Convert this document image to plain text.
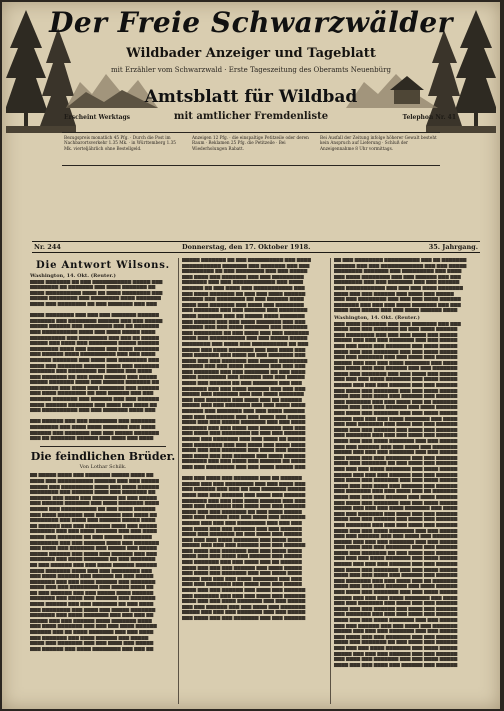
Der Freie Schwarzwälder
Wildbader Anzeiger und Tageblatt
mit Erzähler vom Schwarzwald · Erste Tageszeitung des Oberamts Neuenbürg
Amtsblatt für Wildbad
Erscheint Werktags	mit amtlicher Fremdenliste	Telephon Nr. 41
Bezugspreis monatlich 45 Pfg. · Durch die Post im Nachbarortsverkehr 1.35 Mk. · in Württemberg 1.35 Mk. vierteljährlich ohne Bestellgeld.
Anzeigen 12 Pfg. · die einspaltige Petitzeile oder deren Raum · Reklamen 25 Pfg. die Petitzeile · Bei Wiederholungen Rabatt.
Bei Ausfall der Zeitung infolge höherer Gewalt besteht kein Anspruch auf Lieferung · Schluß der Anzeigennahme 8 Uhr vormittags.
Nr. 244	Donnerstag, den 17. Oktober 1918.	35. Jahrgang.
Die Antwort Wilsons.
Washington, 14. Okt. (Reuter.)
████ ███████ ██ ███ ███████████ █████ ███
████████ ██ ███████ ███ ████ ███████ ██
████ ██████████ ████ ██ ████ ████████ ███
█████ ████████ ███ ████████ ████ ███████
████ ███ ████████ ██ ███ ███████ ███ ███

████ ████████ ███ ███ ███ ███████ ██████
███████ ███ ████████ ██████ ███ ███ █████
█████ ██████ ███ ████████ ███ ██ ███████
███ ██████████ ████ ███ ████ █████ ████
██████████ ███ ████████ ███ ███ ██ █████
█████ ███ ████ ███ ████████ █████ ██████
████████ ████ ███ █████ ███ ████ ███████
███ ██████ ████ ██████████ ███ ███ ████
██████ ███████ ███ ████ ███ ████████ ███
████ ███ ███████ ██████ ████ ███ ███████
███████ ███ ████████ ██ █████ ███ ████
███ ███████ ██ ███ ████ ██████ ███ █████
█████ ███████ ████ ███ ██████ ███████ ██
████████ ███ ████ ███ ███████ ███ ██████
███ ████ ████████ ██ ███ ██████ ███ ███
██████ ███████ ███ ██████ ███ ███ ██████
████ ██████ ███████ ███ ████ ███ ████ ██
███ ██████████ ███ ███ ███████ ████ ███

███ ██████ ███ ███ ████████ ███ ███████
████████ ███ ████ ████ ███████ ███ ████
██████ ███ ███████ ███ ███ █████ ███████
███ ██ ███████ ██████ ███ ████ ███ ████
Die feindlichen Brüder.
Von Lothar Schilk.
██ █████ ████ ███ ███████ █████ ████ ██
████ ███ ██████████ ██████ ███ ███ █████
█████ ███ █████████ ████ ███ ████ ██████
████████ ███ ██████ ████ ███ ███████ ██
██████ ███ ████ ███ ███████ ██ ███ █████
███ ██████ ███████ ███ ████ ███████ ████
█████ ███ ██████████ ██ ███ ████ ██████
███ ████ ███████ ███ ███████ ███ ████ ██
████████ ███ ████ ███ ██████ █████ ████
██ ██████ ███ ███ ███████ ████ ███ █████
███████ ███ ███ ████ ██████ ███ ███ ████
████ ███ ███████ ██ ███ █████ ████████
████████ ███ ███ ██████ ████ ███ ███████
███ ████ ███ ███████ ███ █████ ███ █████
█████ ██████ ███ ████ ███ ██████ ███ ███
███████ ███ ████ ███████ ██ ███ ███████
██ ███ ██████ ███ ███ ████ ██████ ██████
████ ███████ ████ ███ ███ ████████ ███
███ ████ ██████ ███ ██████ ██ ███ █████
███████ ███ ███ ████ ██████ ███ ███████
████ ███ ███ ████████ ███ █████ ████ ██
██ ███ ██████ ███ ███ █████ ████ ██████
███████ ███ ████ ███ ██████ ███ ███████
████ ██████ ███ ███ ███████ ██ ███ ████
███ ████████ ███ ████ ███ █████ ███████
███████ ███ ████ ███████ ███ ███ ███ ██
█████ ███ ███ ██████ ████ ███████ ████
███ ████ ███████ ███ ███ ███ ████ ██████
██████ ███ ██ ████ ███████ ███ ███ ████
███ ███████ ███ ████ ██████ ███ █████
████ ███ ███████ ███ ███ ████ ███ █████
███ ██████ ███ ████ ████████ ███ ███ ██
█████ ███████ ██ ███ ██████████ ███ ████
███████████ ███████ ███ ███████ ███ ███
█████████ ██ ███ ████████ ███ ███ █████
███ ████ ███ ███████ ███ ███ █████████
███████ ███ ███ ████████████ ███ ████
██████ ██ ███ ████ ███ ███████████ ███
███ ████ ███████ ██ ███ ███ ████ ██████
██████ ███ ████████ ██ ███ ██████ ████
████ ███ ███████ ███ ████ ███ ████████
███ ███████ ███ ███ ██████ ███ ████████
████ ███████ ███ ██ █████ ████ ███████
███ ██████ ███ ███ ████ ███████ ███ ███
██████ ███ ███ ████ ███████ ███ ███████
███ ████████ ██ ███ ████ ███ ███ ███████
████ ███ ██████████ ███ ███ █████ █████
████████ ███ ████ ███ ██████████ ██ ███
█████ ███ ████ ███████ ███ ███ ████ ███
███ ███████ ███ ████ ██ ███ ███████ ███
████ ███ ███ ███████ ███ █████ ████████
██████ ███ ███ ████ ███████ ███ ███ ███
███ ███████ ███ ███ ███████ ██ ███ ████
████ ████████ ███ ██████ ███ ███ █████
████ ███ ██████ ██ ███ ███████ ███ ███
███████ ███ ███ ████ ██████ ███ ███ ███
█████ ███ ███████ ███ ███ ████ ███████
███ ███ ███████ ███ ████ ███ ██ ██████
█████ ███ ███ ███████ ███ ███ ████ ████
██████ ███ ███████ ███ ███ ████ ██████
███ ███ ████████ ███ ███ ████ ███ █████
████ ███ ███ █████ ███████ ███ ███ ████
███████ ███ ███ ████ ███ ██████ ███ ███
███ ████ ███ ████████ ██ ███ ███ ██████
█████ ███ ███████ ███ ███ ████ ██ █████
███ ████████ ███ ███ ████ ███ ████ ████
████ ███ ███ ███████ ███ ████ ███ █████
███ ████ ███ ███ ██████ ███ ████ ██████
███████ ███ ███ ████ ███ ██████ ██ ████
███ ███ ████████ ███ ███ ████ █████ ███

███ ███ ████ ███ ███████ ███ ██ ██████
█████ ███ ███ ████████ ███ ███ ████ ███
███ ██████ ███ ███ ██ ███ ███████ █████
████ ███ ███ ██████ ███ ████ ███ ██████
███████ ███ ███ ███ ████ ██████ ███ ███
███ ███ ███████ ███ ████ ███ ███ ██████
████ ███ ███ ███████ ██ ███ ████ █████
███ ███ ██████ ███ ███ ████ ███ ███████
█████ ███ ███ ███ ████████ ███ ███ ███
███ ████ ███ ███ ██████ ███ ███ ██████
████ ███ ███████ ██ ███ ████ ███ █████
███ ███ ███ ████ ███████ ███ ████ ████
█████ ███ ███ ███ ██████ ███ ███ ██████
███ ████ ███ ███████ ███ ███ ████ ████
████ ███ ███ ████ ███ ██████ ███ █████
███ ███████ ███ ███ ████ ███ ██ ██████
████ ███ ███ ███ ██████ ███ ████ █████
███ ████ ███ ███████ ███ ███ ████ ████
█████ ███ ███ ███ ████ ███████ ███ ███
███ ███ ███████ ███ ████ ███ ███ █████
████ ███ ███ ██████ ███ ████ ███ ██████
███ ███████ ███ ███ ███ ████ ███ ██████
████ ███ ███ ████ ███████ ███ ███ █████
███ ███ ██████ ███ ███ ████ ███ ███████
█████ ███ ███ ███ ███████ ███ ███ █████
███ ████ ███ ███ ███████ ███ ███ ██████
██ ███ ████████ ██████████ ███ ██ ███████
██████ ███ ███ ████████████ ███ ███ █████
████████ ███████ ███ █████████ ███ ████
███ ████ ████████ ███ ███ ██████ ███ ███
████████ ███ ███ ███████ ███ ███ ██████
███ ███████████ ███ ███ ███ ████ ███████
████ ███ ███ ██████ ███ ████ ███ █████
███ ███ ████████ ███ ███ ███ ████ ██████
███████ ███ ███ ███ ████ ███████ ███ ███
████ ███ █████ ███ ███ ████ ██████ ████
Washington, 14. Okt. (Reuter.)
███ ████ ███████ ███ ███ ███████ ███ ███
████ ███ ███ ███████ ██ ███ ████ ██████
███ ████████ ███ ███ ███ ████ ███ █████
█████ ███ ███ ███ ███████ ███ ███ █████
███ ███ ████ ███ ███████ ███ ████ █████
████ ███ ███ ███████ ███ ███ ████ █████
███ ███ ███████ ███ ███ ████ ███ ██████
█████ ███ ███ ███ ████ ███████ ███ ████
███ ████ ███ ███ ██████ ███ ███ ███████
████ ███ ███████ ███ ███ ████ ███ █████
███ ███ ███ ████ ███████ ███ ████ █████
█████ ███ ███ ███ ██████ ███ ███ ██████
███ ████ ███ ███████ ███ ███ ████ █████
████ ███ ███ ████ ███ ██████ ███ ██████
███ ███████ ███ ███ ████ ███ ██ ███████
████ ███ ███ ███ ██████ ███ ████ ██████
███ ████ ███ ███████ ███ ███ ████ █████
█████ ███ ███ ███ ████ ███████ ███ ████
███ ███ ███████ ███ ████ ███ ███ ██████
████ ███ ███ ██████ ███ ████ ███ ██████
███ ███████ ███ ███ ███ ████ ███ ██████
████ ███ ███ ████ ███████ ███ ███ █████
███ ███ ██████ ███ ███ ████ ███ ███████
█████ ███ ███ ███ ███████ ███ ███ █████
███ ████ ███ ███ ███████ ███ ███ ██████
████ ███ ███████ ██ ███ ████ ███ ██████
███ ███ ███ ████ ███████ ███ ████ █████
█████ ███ ███ ███ ██████ ███ ███ ██████
███ ████ ███ ███████ ███ ███ ████ █████
████ ███ ███ ████ ███ ██████ ███ ██████
███ ███████ ███ ███ ████ ███ ██ ███████
████ ███ ███ ███ ██████ ███ ████ ██████
███ ████ ███ ███████ ███ ███ ████ █████
█████ ███ ███ ███ ████ ███████ ███ ████
███ ███ ███████ ███ ████ ███ ███ ██████
████ ███ ███ ██████ ███ ████ ███ ██████
███ ███████ ███ ███ ███ ████ ███ ██████
████ ███ ███ ████ ███████ ███ ███ █████
███ ███ ██████ ███ ███ ████ ███ ███████
█████ ███ ███ ███ ███████ ███ ███ █████
███ ████ ███ ███ ███████ ███ ███ ██████
████ ███ ███████ ██ ███ ████ ███ ██████
███ ███ ███ ████ ███████ ███ ████ █████
█████ ███ ███ ███ ██████ ███ ███ ██████
███ ████ ███ ███████ ███ ███ ████ █████
████ ███ ███ ████ ███ ██████ ███ ██████
███ ███████ ███ ███ ████ ███ ██ ███████
████ ███ ███ ███ ██████ ███ ████ ██████
███ ████ ███ ███████ ███ ███ ████ █████
█████ ███ ███ ███ ████ ███████ ███ ████
███ ███ ███████ ███ ████ ███ ███ ██████
████ ███ ███ ██████ ███ ████ ███ ██████
███ ███████ ███ ███ ███ ████ ███ ██████
████ ███ ███ ████ ███████ ███ ███ █████
███ ███ ██████ ███ ███ ████ ███ ███████
█████ ███ ███ ███ ███████ ███ ███ █████
███ ████ ███ ███ ███████ ███ ███ ██████
████ ███ ███████ ██ ███ ████ ███ ██████
███ ███ ███ ████ ███████ ███ ████ █████
█████ ███ ███ ███ ██████ ███ ███ ██████
███ ████ ███ ███████ ███ ███ ████ █████
████ ███ ███ ████ ███ ██████ ███ ██████
